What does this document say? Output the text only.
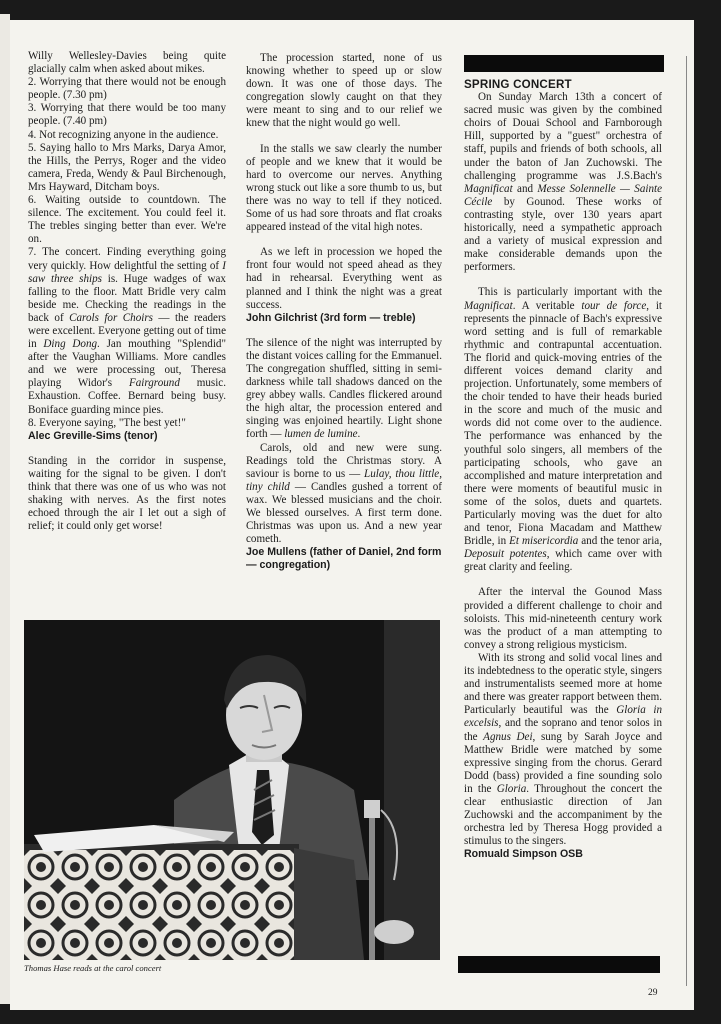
Willy Wellesley-Davies being quite glacially calm when asked about mikes.

2. Worrying that there would not be enough people. (7.30 pm)

3. Worrying that there would be too many people. (7.40 pm)

4. Not recognizing anyone in the audience.

5. Saying hallo to Mrs Marks, Darya Amor, the Hills, the Perrys, Roger and the video camera, Freda, Wendy & Paul Birchenough, Mrs Hayward, Ditcham boys.

6. Waiting outside to countdown. The silence. The excitement. You could feel it. The trebles singing better than ever. We're on.

7. The concert. Finding everything going very quickly. How delightful the setting of I saw three ships is. Huge wadges of wax falling to the floor. Matt Bridle very calm beside me. Checking the readings in the back of Carols for Choirs — the readers were excellent. Everyone getting out of time in Ding Dong. Jan mouthing "Splendid" after the Vaughan Williams. More candles and we were processing out, Theresa playing Widor's Fairground music. Exhaustion. Coffee. Bernard being busy. Boniface guarding mince pies.

8. Everyone saying, "The best yet!"

Alec Greville-Sims (tenor)

Standing in the corridor in suspense, waiting for the signal to be given. I don't think that there was one of us who was not shaking with nerves. As the first notes echoed through the air I let out a sigh of relief; it could only get worse!

The procession started, none of us knowing whether to speed up or slow down. It was one of those days. The congregation slowly caught on that they were meant to sing and to our relief we knew that the night would go well.

In the stalls we saw clearly the number of people and we knew that it would be hard to overcome our nerves. Anything wrong stuck out like a sore thumb to us, but there was no way to tell if they noticed. Some of us had sore throats and flat croaks appeared instead of the vital high notes.

As we left in procession we hoped the front four would not speed ahead as they had in rehearsal. Everything went as planned and I think the night was a great success.

John Gilchrist (3rd form — treble)

The silence of the night was interrupted by the distant voices calling for the Emmanuel. The congregation shuffled, sitting in semi-darkness while tall shadows danced on the grey abbey walls. Candles flickered around the high altar, the procession entered and singing was enjoined heartily. Light shone forth — lumen de lumine.

Carols, old and new were sung. Readings told the Christmas story. A saviour is borne to us — Lulay, thou little, tiny child — Candles gushed a torrent of wax. We blessed musicians and the choir. We blessed ourselves. A first term done. Christmas was upon us. And a new year cometh.

Joe Mullens (father of Daniel, 2nd form — congregation)

SPRING CONCERT

On Sunday March 13th a concert of sacred music was given by the combined choirs of Douai School and Farnborough Hill, supported by a "guest" orchestra of staff, pupils and friends of both schools, all under the baton of Jan Zuchowski. The challenging programme was J.S.Bach's Magnificat and Messe Solennelle — Sainte Cécile by Gounod. These works of contrasting style, over 130 years apart historically, need a sympathetic approach and a variety of musical expression and make considerable demands upon the performers.

This is particularly important with the Magnificat. A veritable tour de force, it represents the pinnacle of Bach's expressive word setting and is full of remarkable rhythmic and contrapuntal accentuation. The florid and quick-moving entries of the different voices demand clarity and projection. Unfortunately, some members of the choir tended to have their heads buried in the score and much of the music and words did not come over to the audience. The performance was enhanced by the youthful solo singers, all members of the participating schools, who gave an accomplished and mature interpretation and there were moments of beautiful music in some of the solos, duets and quartets. Particularly moving was the duet for alto and tenor, Fiona Macadam and Matthew Bridle, in Et misericordia and the tenor aria, Deposuit potentes, which came over with great clarity and feeling.

After the interval the Gounod Mass provided a different challenge to choir and soloists. This mid-nineteenth century work was the product of a man attempting to convey a strong religious mysticism.

With its strong and solid vocal lines and its indebtedness to the operatic style, singers and instrumentalists seemed more at home and there was greater rapport between them. Particularly beautiful was the Gloria in excelsis, and the soprano and tenor solos in the Agnus Dei, sung by Sarah Joyce and Matthew Bridle were matched by some expressive singing from the chorus. Gerard Dodd (bass) provided a fine sounding solo in the Gloria. Throughout the concert the clear enthusiastic direction of Jan Zuchowski and the accompaniment by the orchestra led by Theresa Hogg provided a stimulus to the singers.

Romuald Simpson OSB

Thomas Hase reads at the carol concert
29
